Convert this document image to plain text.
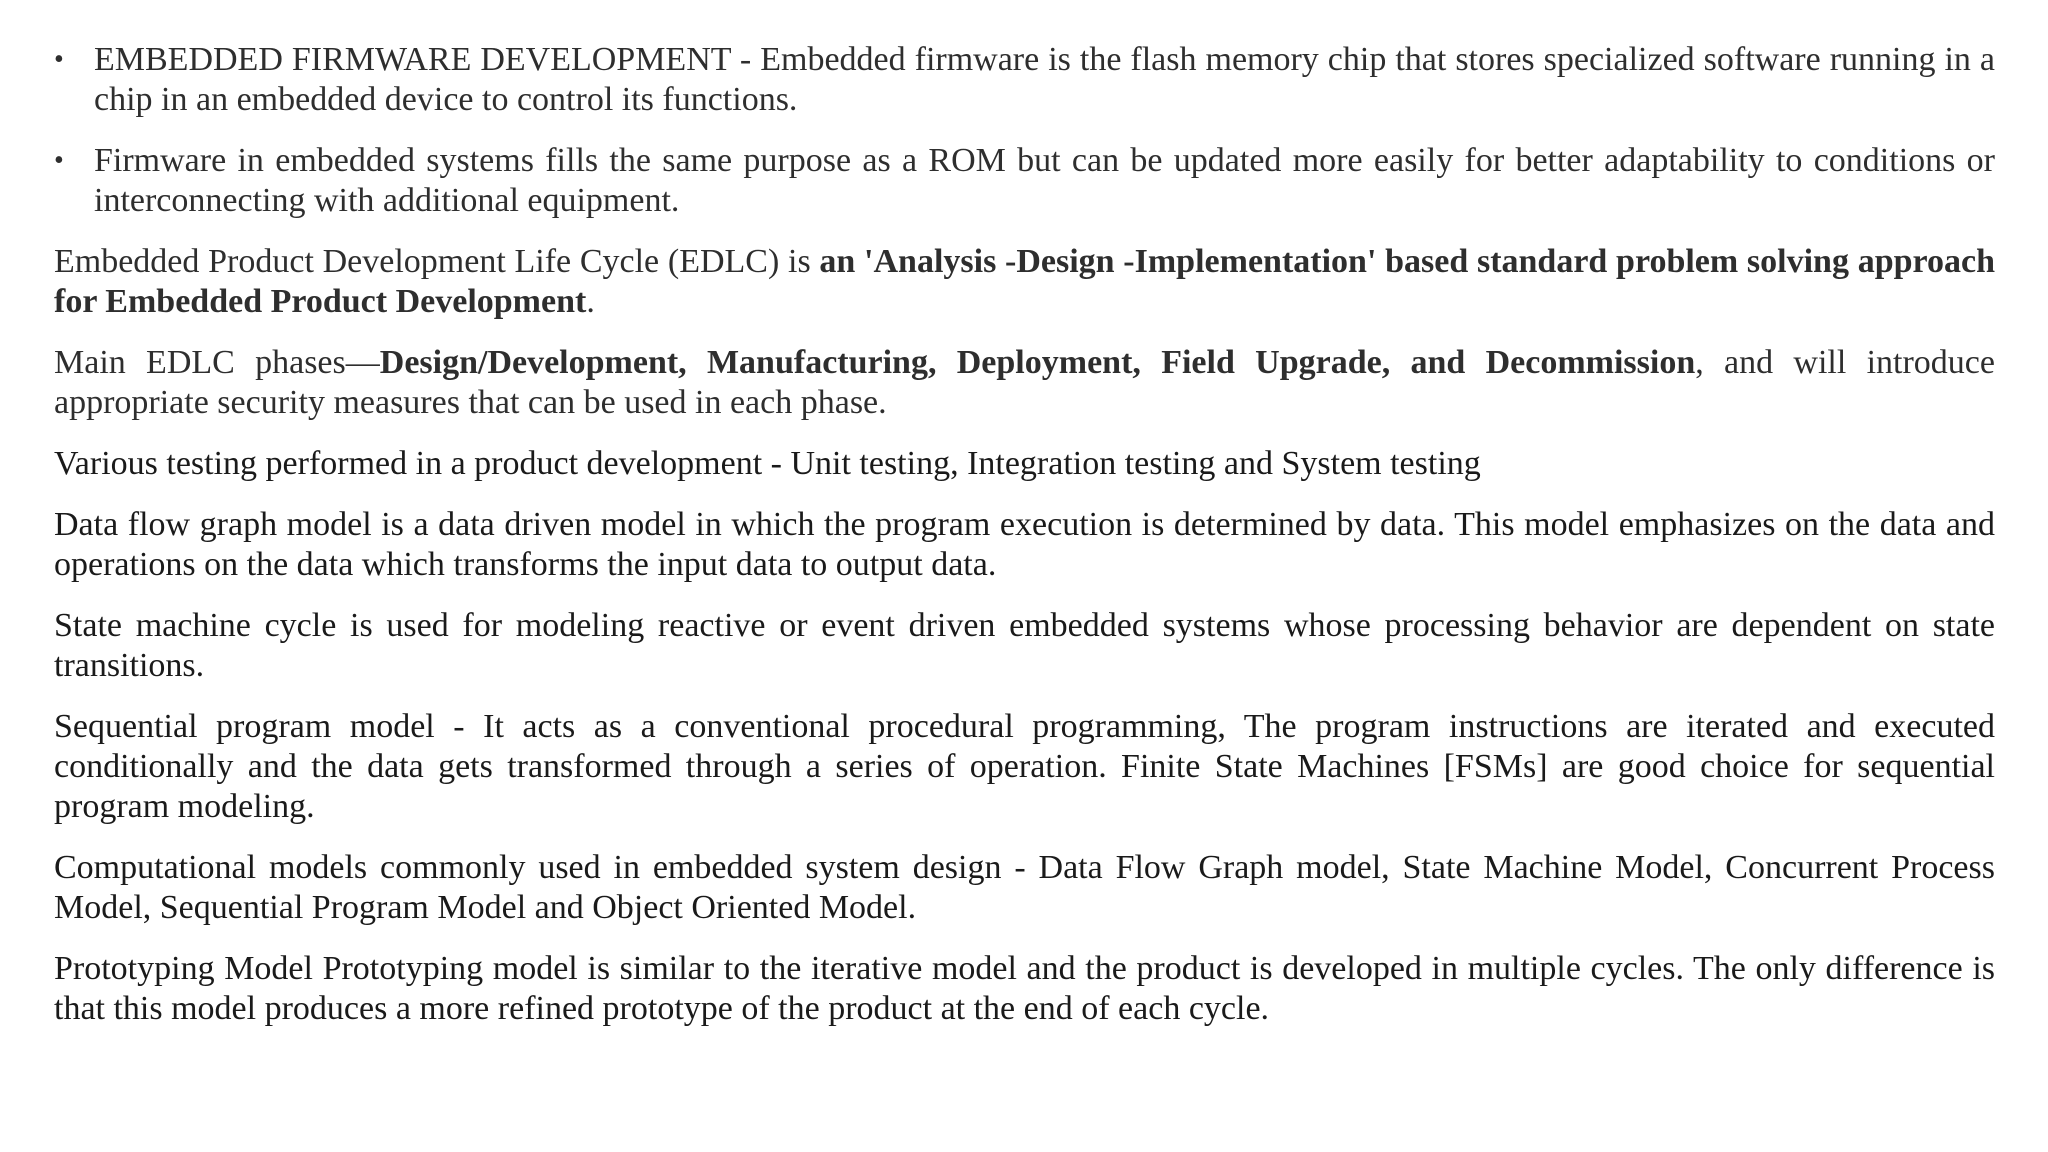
• EMBEDDED FIRMWARE DEVELOPMENT - Embedded firmware is the flash memory chip that stores specialized software running in a chip in an embedded device to control its functions.
• Firmware in embedded systems fills the same purpose as a ROM but can be updated more easily for better adaptability to conditions or interconnecting with additional equipment.

Embedded Product Development Life Cycle (EDLC) is an 'Analysis -Design -Implementation' based standard problem solving approach for Embedded Product Development.

Main EDLC phases—Design/Development, Manufacturing, Deployment, Field Upgrade, and Decommission, and will introduce appropriate security measures that can be used in each phase.

Various testing performed in a product development - Unit testing, Integration testing and System testing

Data flow graph model is a data driven model in which the program execution is determined by data. This model emphasizes on the data and operations on the data which transforms the input data to output data.

State machine cycle is used for modeling reactive or event driven embedded systems whose processing behavior are dependent on state transitions.

Sequential program model - It acts as a conventional procedural programming, The program instructions are iterated and executed conditionally and the data gets transformed through a series of operation. Finite State Machines [FSMs] are good choice for sequential program modeling.

Computational models commonly used in embedded system design - Data Flow Graph model, State Machine Model, Concurrent Process Model, Sequential Program Model and Object Oriented Model.

Prototyping Model Prototyping model is similar to the iterative model and the product is developed in multiple cycles. The only difference is that this model produces a more refined prototype of the product at the end of each cycle.
